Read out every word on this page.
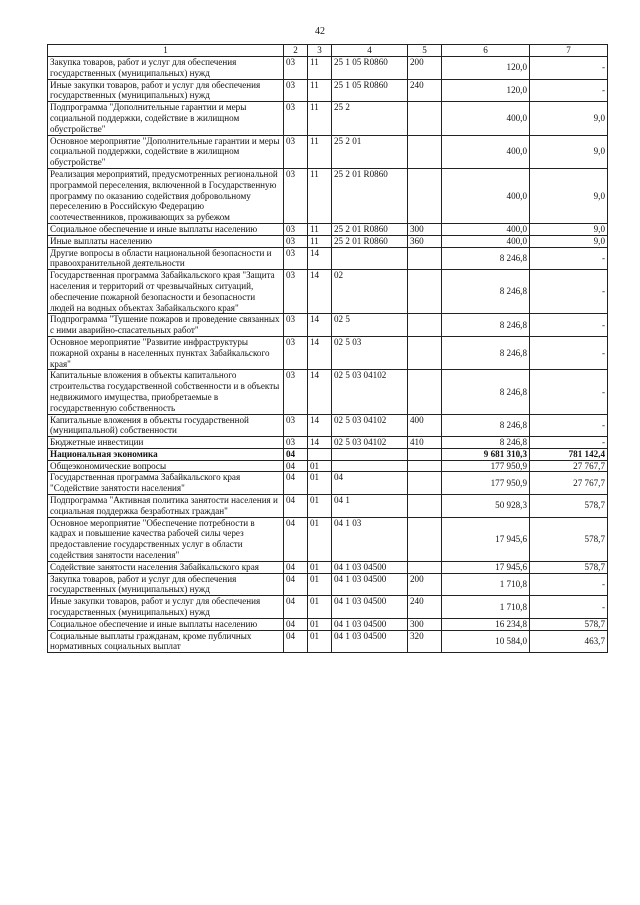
42
1	2	3	4	5	6	7
Закупка товаров, работ и услуг для обеспечения государственных (муниципальных) нужд	03	11	25 1 05 R0860	200	120,0	-
Иные закупки товаров, работ и услуг для обеспечения государственных (муниципальных) нужд	03	11	25 1 05 R0860	240	120,0	-
Подпрограмма "Дополнительные гарантии и меры социальной поддержки, содействие в жилищном обустройстве"	03	11	25 2		400,0	9,0
Основное мероприятие "Дополнительные гарантии и меры социальной поддержки, содействие в жилищном обустройстве"	03	11	25 2 01		400,0	9,0
Реализация мероприятий, предусмотренных региональной программой переселения, включенной в Государственную программу по оказанию содействия добровольному переселению в Российскую Федерацию соотечественников, проживающих за рубежом	03	11	25 2 01 R0860		400,0	9,0
Социальное обеспечение и иные выплаты населению	03	11	25 2 01 R0860	300	400,0	9,0
Иные выплаты населению	03	11	25 2 01 R0860	360	400,0	9,0
Другие вопросы в области национальной безопасности и правоохранительной деятельности	03	14			8 246,8	-
Государственная программа Забайкальского края "Защита населения и территорий от чрезвычайных ситуаций, обеспечение пожарной безопасности и безопасности людей на водных объектах Забайкальского края"	03	14	02		8 246,8	-
Подпрограмма "Тушение пожаров и проведение связанных с ними аварийно-спасательных работ"	03	14	02 5		8 246,8	-
Основное мероприятие "Развитие инфраструктуры пожарной охраны в населенных пунктах Забайкальского края"	03	14	02 5 03		8 246,8	-
Капитальные вложения в объекты капитального строительства государственной собственности и в объекты недвижимого имущества, приобретаемые в государственную собственность	03	14	02 5 03 04102		8 246,8	-
Капитальные вложения в объекты государственной (муниципальной) собственности	03	14	02 5 03 04102	400	8 246,8	-
Бюджетные инвестиции	03	14	02 5 03 04102	410	8 246,8	-
Национальная экономика	04				9 681 310,3	781 142,4
Общеэкономические вопросы	04	01			177 950,9	27 767,7
Государственная программа Забайкальского края "Содействие занятости населения"	04	01	04		177 950,9	27 767,7
Подпрограмма "Активная политика занятости населения и социальная поддержка безработных граждан"	04	01	04 1		50 928,3	578,7
Основное мероприятие "Обеспечение потребности в кадрах и повышение качества рабочей силы через предоставление государственных услуг в области содействия занятости населения"	04	01	04 1 03		17 945,6	578,7
Содействие занятости населения Забайкальского края	04	01	04 1 03 04500		17 945,6	578,7
Закупка товаров, работ и услуг для обеспечения государственных (муниципальных) нужд	04	01	04 1 03 04500	200	1 710,8	-
Иные закупки товаров, работ и услуг для обеспечения государственных (муниципальных) нужд	04	01	04 1 03 04500	240	1 710,8	-
Социальное обеспечение и иные выплаты населению	04	01	04 1 03 04500	300	16 234,8	578,7
Социальные выплаты гражданам, кроме публичных нормативных социальных выплат	04	01	04 1 03 04500	320	10 584,0	463,7
